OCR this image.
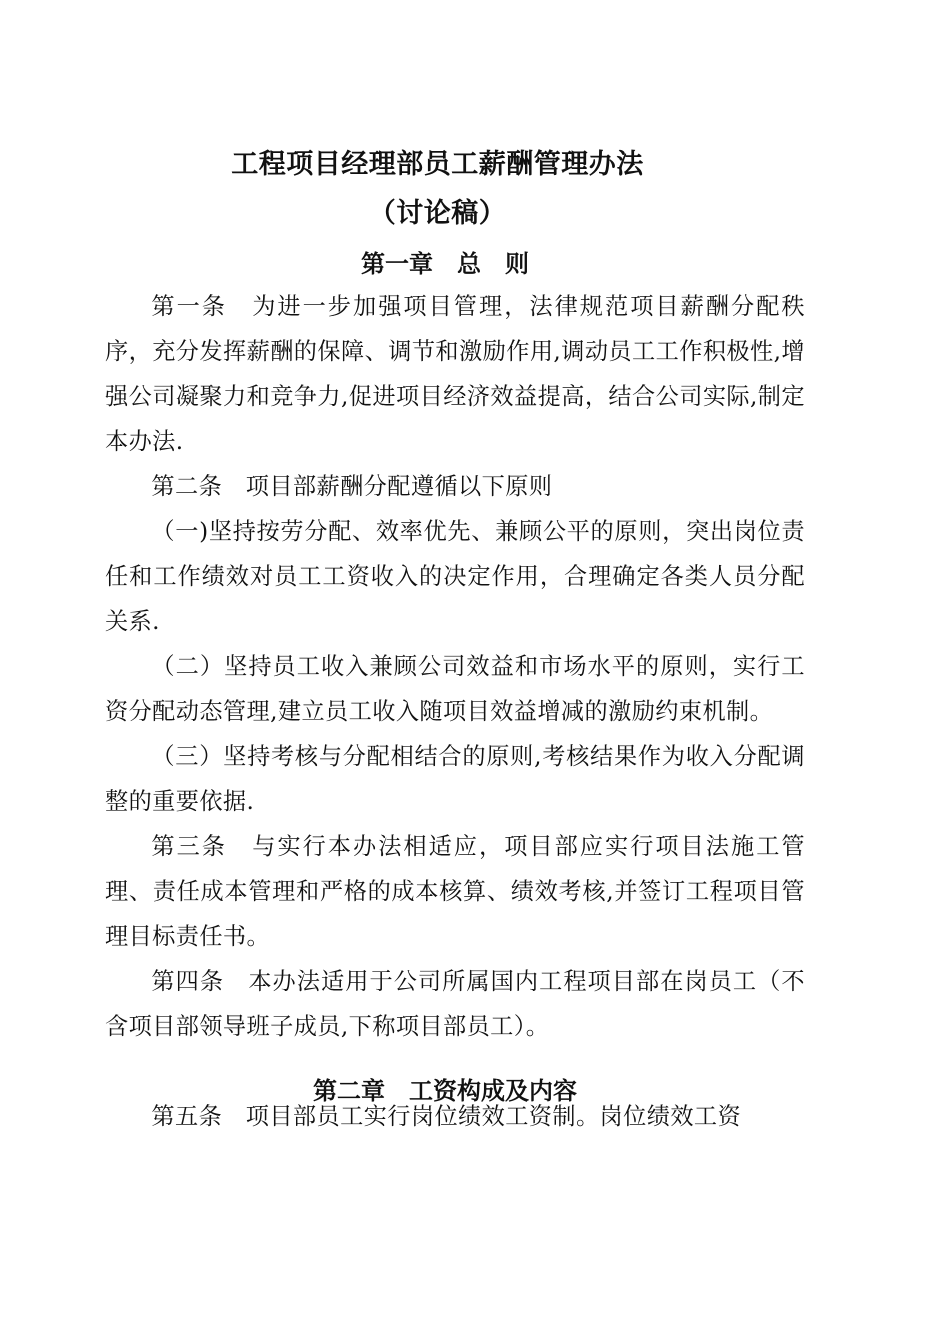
工程项目经理部员工薪酬管理办法
（讨论稿）
第一章　总　则

第一条　为进一步加强项目管理，法律规范项目薪酬分配秩序，充分发挥薪酬的保障、调节和激励作用,调动员工工作积极性,增强公司凝聚力和竞争力,促进项目经济效益提高，结合公司实际,制定本办法.

第二条　项目部薪酬分配遵循以下原则

（一)坚持按劳分配、效率优先、兼顾公平的原则，突出岗位责任和工作绩效对员工工资收入的决定作用，合理确定各类人员分配关系.

（二）坚持员工收入兼顾公司效益和市场水平的原则，实行工资分配动态管理,建立员工收入随项目效益增减的激励约束机制。

（三）坚持考核与分配相结合的原则,考核结果作为收入分配调整的重要依据.

第三条　与实行本办法相适应，项目部应实行项目法施工管理、责任成本管理和严格的成本核算、绩效考核,并签订工程项目管理目标责任书。

第四条　本办法适用于公司所属国内工程项目部在岗员工（不含项目部领导班子成员,下称项目部员工）。

第五条　项目部员工实行岗位绩效工资制。岗位绩效工资

第二章　工资构成及内容
